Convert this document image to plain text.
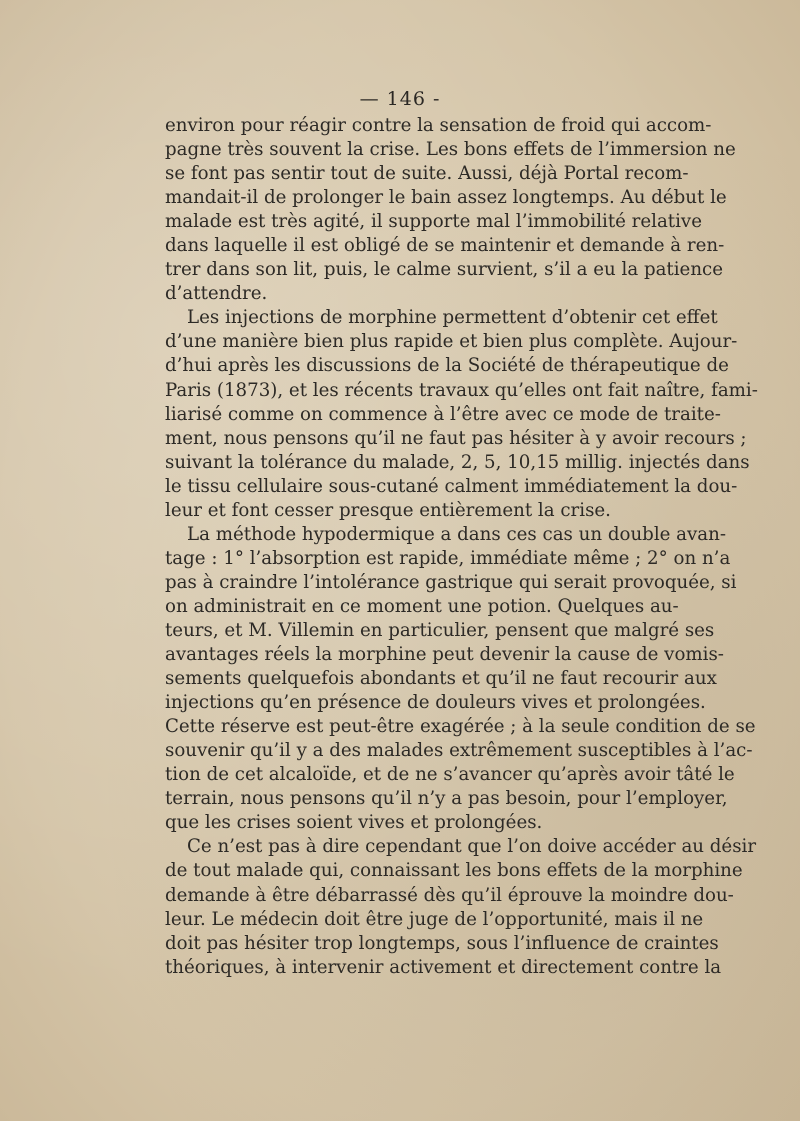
— 146 -
environ pour réagir contre la sensation de froid qui accom-
pagne très souvent la crise. Les bons effets de l’immersion ne
se font pas sentir tout de suite. Aussi, déjà Portal recom-
mandait-il de prolonger le bain assez longtemps. Au début le
malade est très agité, il supporte mal l’immobilité relative
dans laquelle il est obligé de se maintenir et demande à ren-
trer dans son lit, puis, le calme survient, s’il a eu la patience
d’attendre.
Les injections de morphine permettent d’obtenir cet effet
d’une manière bien plus rapide et bien plus complète. Aujour-
d’hui après les discussions de la Société de thérapeutique de
Paris (1873), et les récents travaux qu’elles ont fait naître, fami-
liarisé comme on commence à l’être avec ce mode de traite-
ment, nous pensons qu’il ne faut pas hésiter à y avoir recours ;
suivant la tolérance du malade, 2, 5, 10,15 millig. injectés dans
le tissu cellulaire sous-cutané calment immédiatement la dou-
leur et font cesser presque entièrement la crise.
La méthode hypodermique a dans ces cas un double avan-
tage : 1° l’absorption est rapide, immédiate même ; 2° on n’a
pas à craindre l’intolérance gastrique qui serait provoquée, si
on administrait en ce moment une potion. Quelques au-
teurs, et M. Villemin en particulier, pensent que malgré ses
avantages réels la morphine peut devenir la cause de vomis-
sements quelquefois abondants et qu’il ne faut recourir aux
injections qu’en présence de douleurs vives et prolongées.
Cette réserve est peut-être exagérée ; à la seule condition de se
souvenir qu’il y a des malades extrêmement susceptibles à l’ac-
tion de cet alcaloïde, et de ne s’avancer qu’après avoir tâté le
terrain, nous pensons qu’il n’y a pas besoin, pour l’employer,
que les crises soient vives et prolongées.
Ce n’est pas à dire cependant que l’on doive accéder au désir
de tout malade qui, connaissant les bons effets de la morphine
demande à être débarrassé dès qu’il éprouve la moindre dou-
leur. Le médecin doit être juge de l’opportunité, mais il ne
doit pas hésiter trop longtemps, sous l’influence de craintes
théoriques, à intervenir activement et directement contre la
